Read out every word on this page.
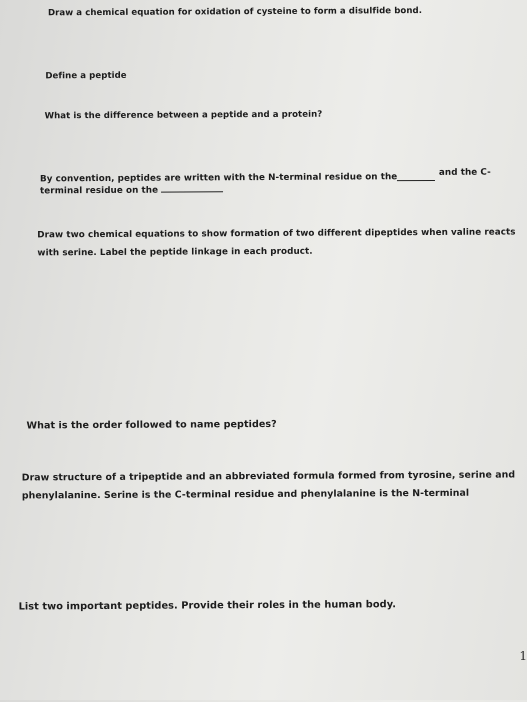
Draw a chemical equation for oxidation of cysteine to form a disulfide bond.
Define a peptide
What is the difference between a peptide and a protein?
By convention, peptides are written with the N-terminal residue on the	and the C-
terminal residue on the
Draw two chemical equations to show formation of two different dipeptides when valine reacts
with serine. Label the peptide linkage in each product.
What is the order followed to name peptides?
Draw structure of a tripeptide and an abbreviated formula formed from tyrosine, serine and
phenylalanine. Serine is the C-terminal residue and phenylalanine is the N-terminal
List two important peptides. Provide their roles in the human body.
1
